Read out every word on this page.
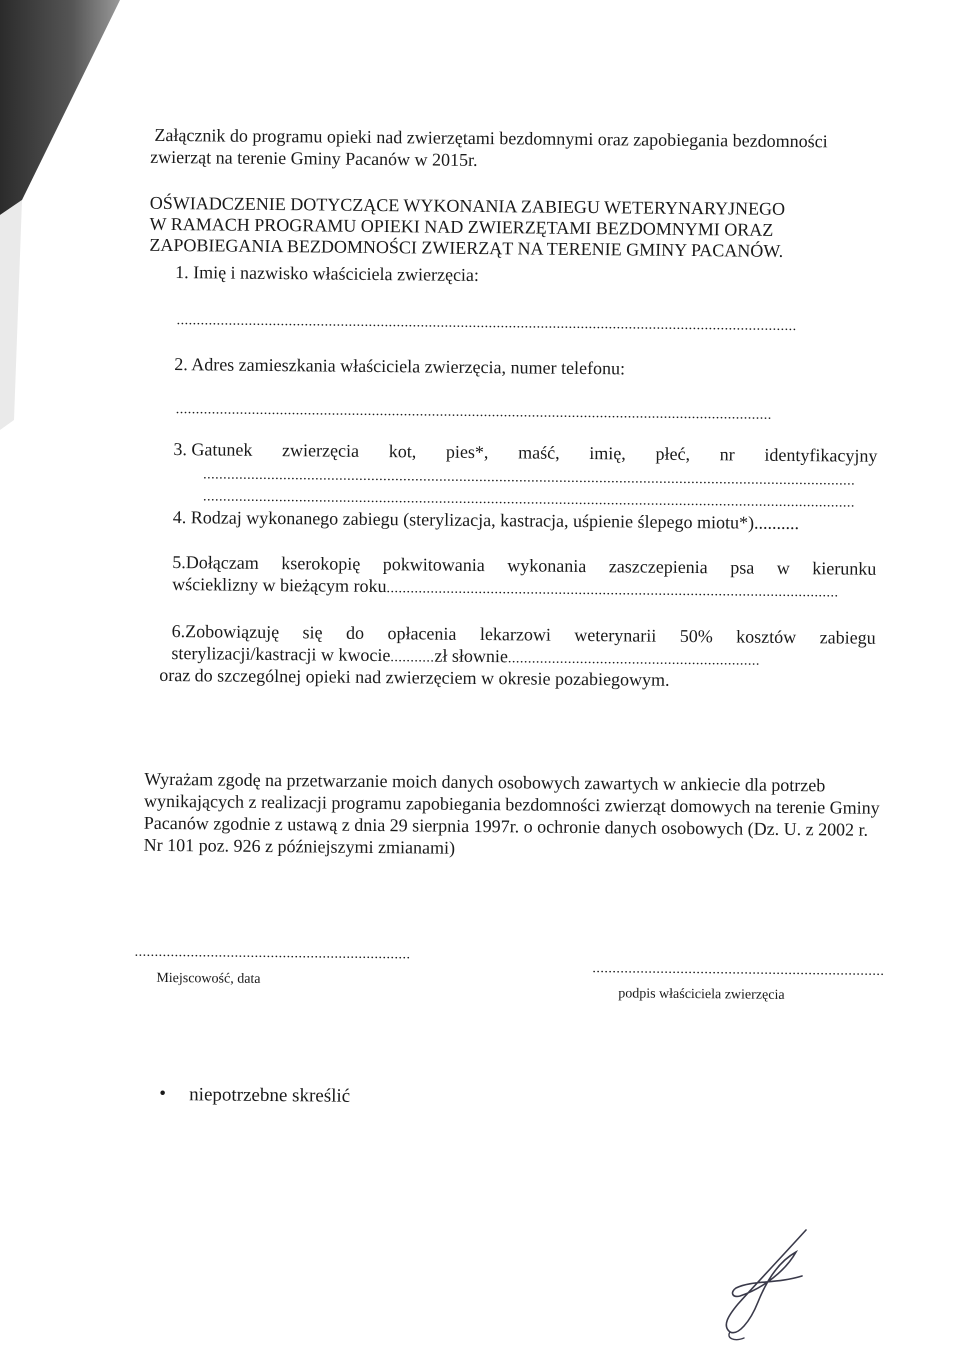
Załącznik do programu opieki nad zwierzętami bezdomnymi oraz zapobiegania bezdomności
zwierząt na terenie Gminy Pacanów w 2015r.
OŚWIADCZENIE DOTYCZĄCE WYKONANIA ZABIEGU WETERYNARYJNEGO
W RAMACH PROGRAMU OPIEKI NAD ZWIERZĘTAMI BEZDOMNYMI ORAZ
ZAPOBIEGANIA BEZDOMNOŚCI ZWIERZĄT NA TERENIE GMINY PACANÓW.
1. Imię i nazwisko właściciela zwierzęcia:
...........................................................................................................................................................
2. Adres zamieszkania właściciela zwierzęcia, numer telefonu:
.....................................................................................................................................................
3. Gatunek zwierzęcia kot, pies*, maść, imię, płeć, nr identyfikacyjny
...................................................................................................................................................................
...................................................................................................................................................................
4. Rodzaj wykonanego zabiegu (sterylizacja, kastracja, uśpienie ślepego miotu*)..........
5.Dołączam kserokopię pokwitowania wykonania zaszczepienia psa w kierunku
wścieklizny w bieżącym roku.................................................................................................................
6.Zobowiązuję się do opłacenia lekarzowi weterynarii 50% kosztów zabiegu
sterylizacji/kastracji w kwocie...........zł słownie...............................................................
oraz do szczególnej opieki nad zwierzęciem w okresie pozabiegowym.
Wyrażam zgodę na przetwarzanie moich danych osobowych zawartych w ankiecie dla potrzeb
wynikających z realizacji programu zapobiegania bezdomności zwierząt domowych na terenie Gminy
Pacanów zgodnie z ustawą z dnia 29 sierpnia 1997r. o ochronie danych osobowych (Dz. U. z 2002 r.
Nr 101 poz. 926 z późniejszymi zmianami)
.....................................................................
Miejscowość, data
.........................................................................
podpis właściciela zwierzęcia
• niepotrzebne skreślić
